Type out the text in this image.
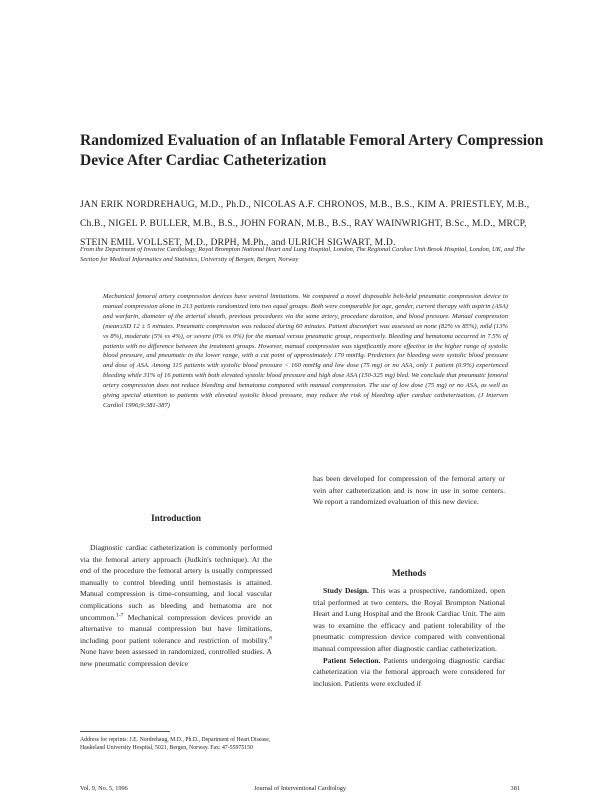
Randomized Evaluation of an Inflatable Femoral Artery Compression Device After Cardiac Catheterization
JAN ERIK NORDREHAUG, M.D., Ph.D., NICOLAS A.F. CHRONOS, M.B., B.S., KIM A. PRIESTLEY, M.B., Ch.B., NIGEL P. BULLER, M.B., B.S., JOHN FORAN, M.B., B.S., RAY WAINWRIGHT, B.Sc., M.D., MRCP, STEIN EMIL VOLLSET, M.D., DRPH, M.Ph., and ULRICH SIGWART, M.D.
From the Department of Invasive Cardiology, Royal Brompton National Heart and Lung Hospital, London, The Regional Cardiac Unit Brook Hospital, London, UK, and The Section for Medical Informatics and Statistics, University of Bergen, Bergen, Norway
Mechanical femoral artery compression devices have several limitations. We compared a novel disposable belt-held pneumatic compression device to manual compression alone in 213 patients randomized into two equal groups. Both were comparable for age, gender, current therapy with aspirin (ASA) and warfarin, diameter of the arterial sheath, previous procedures via the same artery, procedure duration, and blood pressure. Manual compression (mean±SD 12 ± 5 minutes. Pneumatic compression was reduced during 60 minutes. Patient discomfort was assessed as none (82% vs 85%), mild (13% vs 8%), moderate (5% vs 4%), or severe (0% vs 0%) for the manual versus pneumatic group, respectively. Bleeding and hematoma occurred in 7.5% of patients with no difference between the treatment groups. However, manual compression was significantly more effective in the higher range of systolic blood pressure, and pneumatic in the lower range, with a cut point of approximately 170 mmHg. Predictors for bleeding were systolic blood pressure and dose of ASA. Among 115 patients with systolic blood pressure < 160 mmHg and low dose (75 mg) or no ASA, only 1 patient (0.9%) experienced bleeding while 31% of 16 patients with both elevated systolic blood pressure and high dose ASA (150-325 mg) bled. We conclude that pneumatic femoral artery compression does not reduce bleeding and hematoma compared with manual compression. The use of low dose (75 mg) or no ASA, as well as giving special attention to patients with elevated systolic blood pressure, may reduce the risk of bleeding after cardiac catheterization. (J Interven Cardiol 1996;9:381-387)
Introduction

Diagnostic cardiac catheterization is commonly performed via the femoral artery approach (Judkin's technique). At the end of the procedure the femoral artery is usually compressed manually to control bleeding until hemostasis is attained. Manual compression is time-consuming, and local vascular complications such as bleeding and hematoma are not uncommon.$^{1-7}$ Mechanical compression devices provide an alternative to manual compression but have limitations, including poor patient tolerance and restriction of mobility.$^8$ None have been assessed in randomized, controlled studies. A new pneumatic compression device

has been developed for compression of the femoral artery or vein after catheterization and is now in use in some centers. We report a randomized evaluation of this new device.

Methods

Study Design. This was a prospective, randomized, open trial performed at two centers, the Royal Brompton National Heart and Lung Hospital and the Brook Cardiac Unit. The aim was to examine the efficacy and patient tolerability of the pneumatic compression device compared with conventional manual compression after diagnostic cardiac catheterization.

Patient Selection. Patients undergoing diagnostic cardiac catheterization via the femoral approach were considered for inclusion. Patients were excluded if

Address for reprints: J.E. Nordrehaug, M.D., Ph.D., Department of Heart Disease, Haukeland University Hospital, 5021, Bergen, Norway. Fax: 47-55975150
Vol. 9, No. 5, 1996	Journal of Interventional Cardiology	381
